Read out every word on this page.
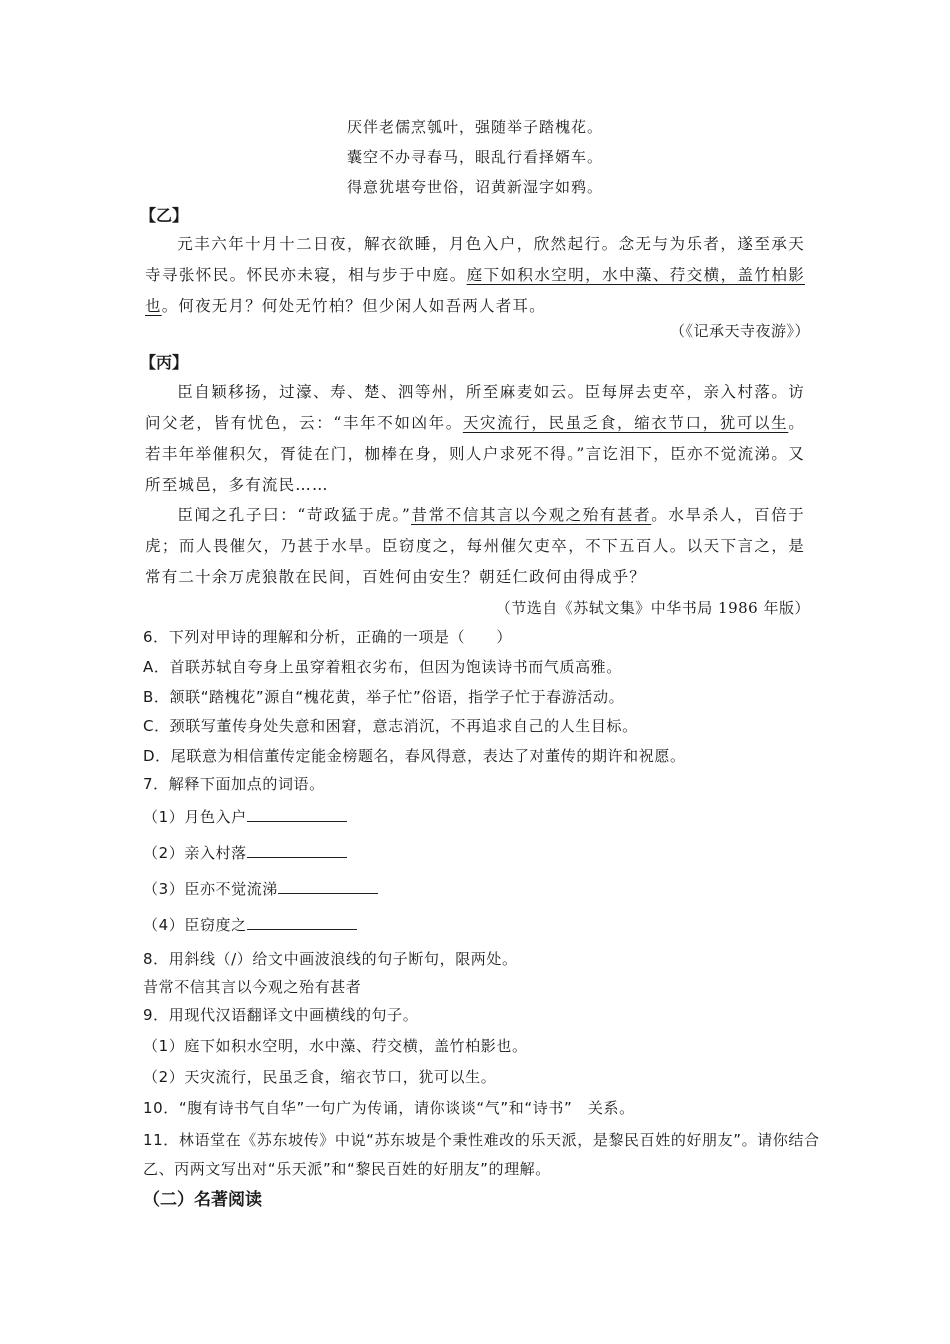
厌伴老儒烹瓠叶，强随举子踏槐花。
囊空不办寻春马，眼乱行看择婿车。
得意犹堪夸世俗，诏黄新湿字如鸦。
【乙】
元丰六年十月十二日夜，解衣欲睡，月色入户，欣然起行。念无与为乐者，遂至承天寺寻张怀民。怀民亦未寝，相与步于中庭。庭下如积水空明，水中藻、荇交横，盖竹柏影也。何夜无月？何处无竹柏？但少闲人如吾两人者耳。
（《记承天寺夜游》）
【丙】
臣自颖移扬，过濠、寿、楚、泗等州，所至麻麦如云。臣每屏去吏卒，亲入村落。访问父老，皆有忧色，云：“丰年不如凶年。天灾流行，民虽乏食，缩衣节口，犹可以生。若丰年举催积欠，胥徒在门，枷棒在身，则人户求死不得。”言讫泪下，臣亦不觉流涕。又所至城邑，多有流民……
臣闻之孔子曰：“苛政猛于虎。”昔常不信其言以今观之殆有甚者。水旱杀人，百倍于虎；而人畏催欠，乃甚于水旱。臣窃度之，每州催欠吏卒，不下五百人。以天下言之，是常有二十余万虎狼散在民间，百姓何由安生？朝廷仁政何由得成乎？
（节选自《苏轼文集》中华书局 1986 年版）
6．下列对甲诗的理解和分析，正确的一项是（　　）
A．首联苏轼自夸身上虽穿着粗衣劣布，但因为饱读诗书而气质高雅。
B．颔联“踏槐花”源自“槐花黄，举子忙”俗语，指学子忙于春游活动。
C．颈联写董传身处失意和困窘，意志消沉，不再追求自己的人生目标。
D．尾联意为相信董传定能金榜题名，春风得意，表达了对董传的期许和祝愿。
7．解释下面加点的词语。
（1）月色入户
（2）亲入村落
（3）臣亦不觉流涕
（4）臣窃度之
8．用斜线（/）给文中画波浪线的句子断句，限两处。
昔常不信其言以今观之殆有甚者
9．用现代汉语翻译文中画横线的句子。
（1）庭下如积水空明，水中藻、荇交横，盖竹柏影也。
（2）天灾流行，民虽乏食，缩衣节口，犹可以生。
10．“腹有诗书气自华”一句广为传诵，请你谈谈“气”和“诗书”　关系。
11．林语堂在《苏东坡传》中说“苏东坡是个秉性难改的乐天派，是黎民百姓的好朋友”。请你结合乙、丙两文写出对“乐天派”和“黎民百姓的好朋友”的理解。
（二）名著阅读
